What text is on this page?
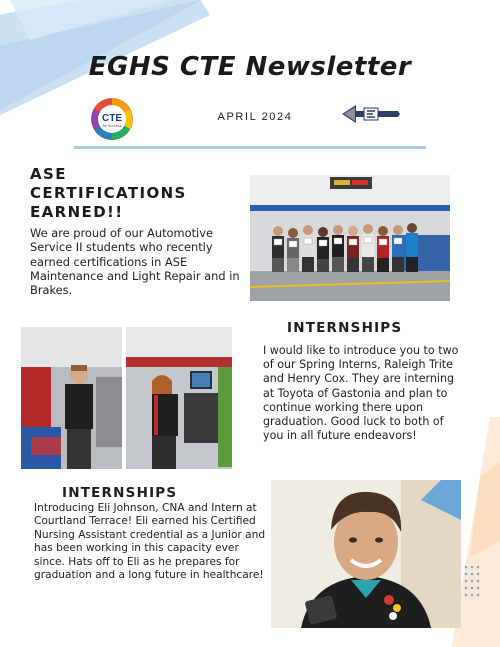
EGHS CTE Newsletter
CTE
for Success
APRIL 2024
ASE CERTIFICATIONS EARNED!!
We are proud of our Automotive Service II students who recently earned certifications in ASE Maintenance and Light Repair and in Brakes.
INTERNSHIPS
I would like to introduce you to two of our Spring Interns, Raleigh Trite and Henry Cox. They are interning at Toyota of Gastonia and plan to continue working there upon graduation. Good luck to both of you in all future endeavors!
INTERNSHIPS
Introducing Eli Johnson, CNA and Intern at Courtland Terrace! Eli earned his Certified Nursing Assistant credential as a Junior and has been working in this capacity ever since. Hats off to Eli as he prepares for graduation and a long future in healthcare!
